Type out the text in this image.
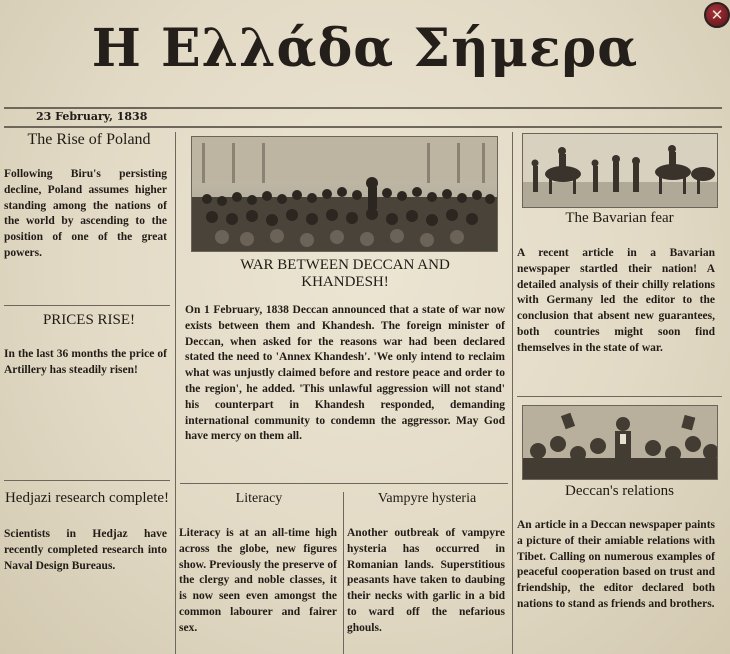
Η Ελλάδα Σήμερα
✕
23 February, 1838
The Rise of Poland
Following Biru's persisting decline, Poland assumes higher standing among the nations of the world by ascending to the position of one of the great powers.
PRICES RISE!
In the last 36 months the price of Artillery has steadily risen!
Hedjazi research complete!
Scientists in Hedjaz have recently completed research into Naval Design Bureaus.
WAR BETWEEN DECCAN AND KHANDESH!
On 1 February, 1838 Deccan announced that a state of war now exists between them and Khandesh. The foreign minister of Deccan, when asked for the reasons war had been declared stated the need to 'Annex Khandesh'. 'We only intend to reclaim what was unjustly claimed before and restore peace and order to the region', he added. 'This unlawful aggression will not stand' his counterpart in Khandesh responded, demanding international community to condemn the aggressor. May God have mercy on them all.
Literacy
Literacy is at an all-time high across the globe, new figures show. Previously the preserve of the clergy and noble classes, it is now seen even amongst the common labourer and fairer sex.
Vampyre hysteria
Another outbreak of vampyre hysteria has occurred in Romanian lands. Superstitious peasants have taken to daubing their necks with garlic in a bid to ward off the nefarious ghouls.
The Bavarian fear
A recent article in a Bavarian newspaper startled their nation! A detailed analysis of their chilly relations with Germany led the editor to the conclusion that absent new guarantees, both countries might soon find themselves in the state of war.
Deccan's relations
An article in a Deccan newspaper paints a picture of their amiable relations with Tibet. Calling on numerous examples of peaceful cooperation based on trust and friendship, the editor declared both nations to stand as friends and brothers.
